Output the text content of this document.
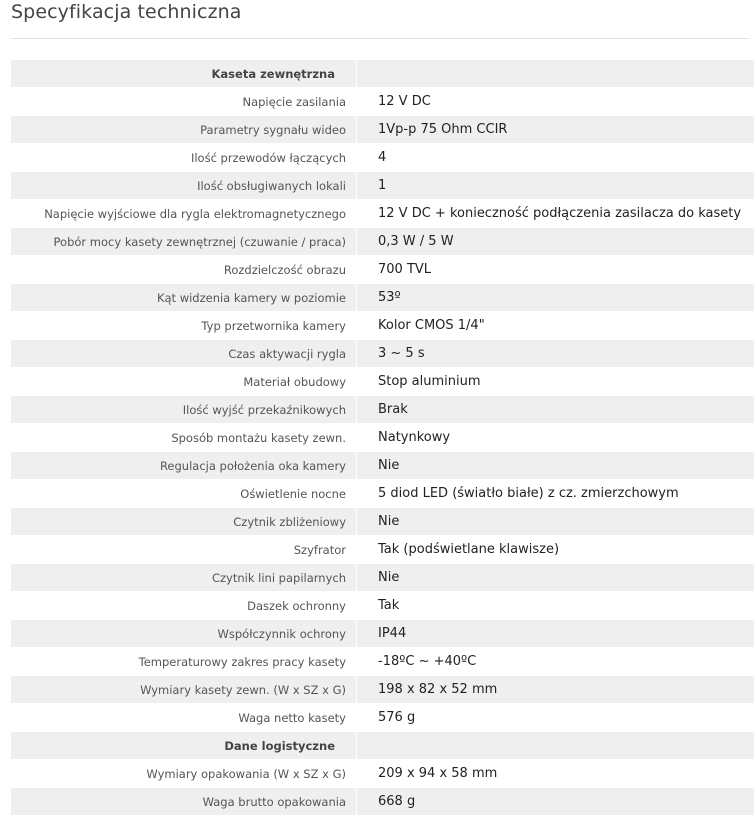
Specyfikacja techniczna
Kaseta zewnętrzna	
Napięcie zasilania	12 V DC
Parametry sygnału wideo	1Vp-p 75 Ohm CCIR
Ilość przewodów łączących	4
Ilość obsługiwanych lokali	1
Napięcie wyjściowe dla rygla elektromagnetycznego	12 V DC + konieczność podłączenia zasilacza do kasety
Pobór mocy kasety zewnętrznej (czuwanie / praca)	0,3 W / 5 W
Rozdzielczość obrazu	700 TVL
Kąt widzenia kamery w poziomie	53º
Typ przetwornika kamery	Kolor CMOS 1/4"
Czas aktywacji rygla	3 ~ 5 s
Materiał obudowy	Stop aluminium
Ilość wyjść przekaźnikowych	Brak
Sposób montażu kasety zewn.	Natynkowy
Regulacja położenia oka kamery	Nie
Oświetlenie nocne	5 diod LED (światło białe) z cz. zmierzchowym
Czytnik zbliżeniowy	Nie
Szyfrator	Tak (podświetlane klawisze)
Czytnik lini papilarnych	Nie
Daszek ochronny	Tak
Współczynnik ochrony	IP44
Temperaturowy zakres pracy kasety	-18ºC ~ +40ºC
Wymiary kasety zewn. (W x SZ x G)	198 x 82 x 52 mm
Waga netto kasety	576 g
Dane logistyczne	
Wymiary opakowania (W x SZ x G)	209 x 94 x 58 mm
Waga brutto opakowania	668 g
